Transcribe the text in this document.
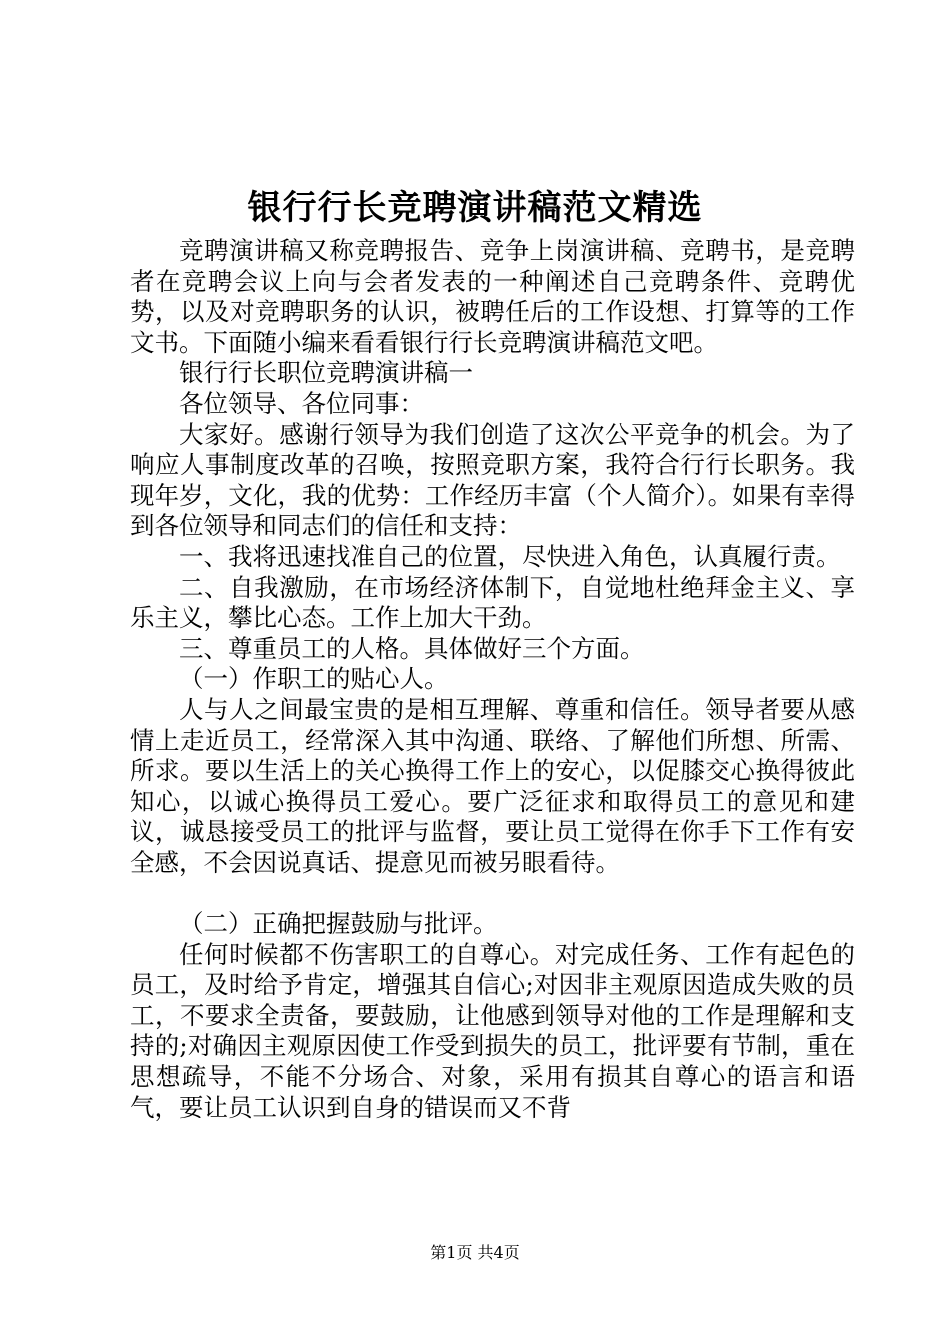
银行行长竞聘演讲稿范文精选

竞聘演讲稿又称竞聘报告、竞争上岗演讲稿、竞聘书，是竞聘者在竞聘会议上向与会者发表的一种阐述自己竞聘条件、竞聘优势，以及对竞聘职务的认识，被聘任后的工作设想、打算等的工作文书。下面随小编来看看银行行长竞聘演讲稿范文吧。

银行行长职位竞聘演讲稿一

各位领导、各位同事：

大家好。感谢行领导为我们创造了这次公平竞争的机会。为了响应人事制度改革的召唤，按照竞职方案，我符合行行长职务。我现年岁，文化，我的优势：工作经历丰富（个人简介）。如果有幸得到各位领导和同志们的信任和支持：

一、我将迅速找准自己的位置，尽快进入角色，认真履行责。

二、自我激励，在市场经济体制下，自觉地杜绝拜金主义、享乐主义，攀比心态。工作上加大干劲。

三、尊重员工的人格。具体做好三个方面。

（一）作职工的贴心人。

人与人之间最宝贵的是相互理解、尊重和信任。领导者要从感情上走近员工，经常深入其中沟通、联络、了解他们所想、所需、所求。要以生活上的关心换得工作上的安心，以促膝交心换得彼此知心，以诚心换得员工爱心。要广泛征求和取得员工的意见和建议，诚恳接受员工的批评与监督，要让员工觉得在你手下工作有安全感，不会因说真话、提意见而被另眼看待。

（二）正确把握鼓励与批评。

任何时候都不伤害职工的自尊心。对完成任务、工作有起色的员工，及时给予肯定，增强其自信心;对因非主观原因造成失败的员工，不要求全责备，要鼓励，让他感到领导对他的工作是理解和支持的;对确因主观原因使工作受到损失的员工，批评要有节制，重在思想疏导，不能不分场合、对象，采用有损其自尊心的语言和语气，要让员工认识到自身的错误而又不背

第1页 共4页
